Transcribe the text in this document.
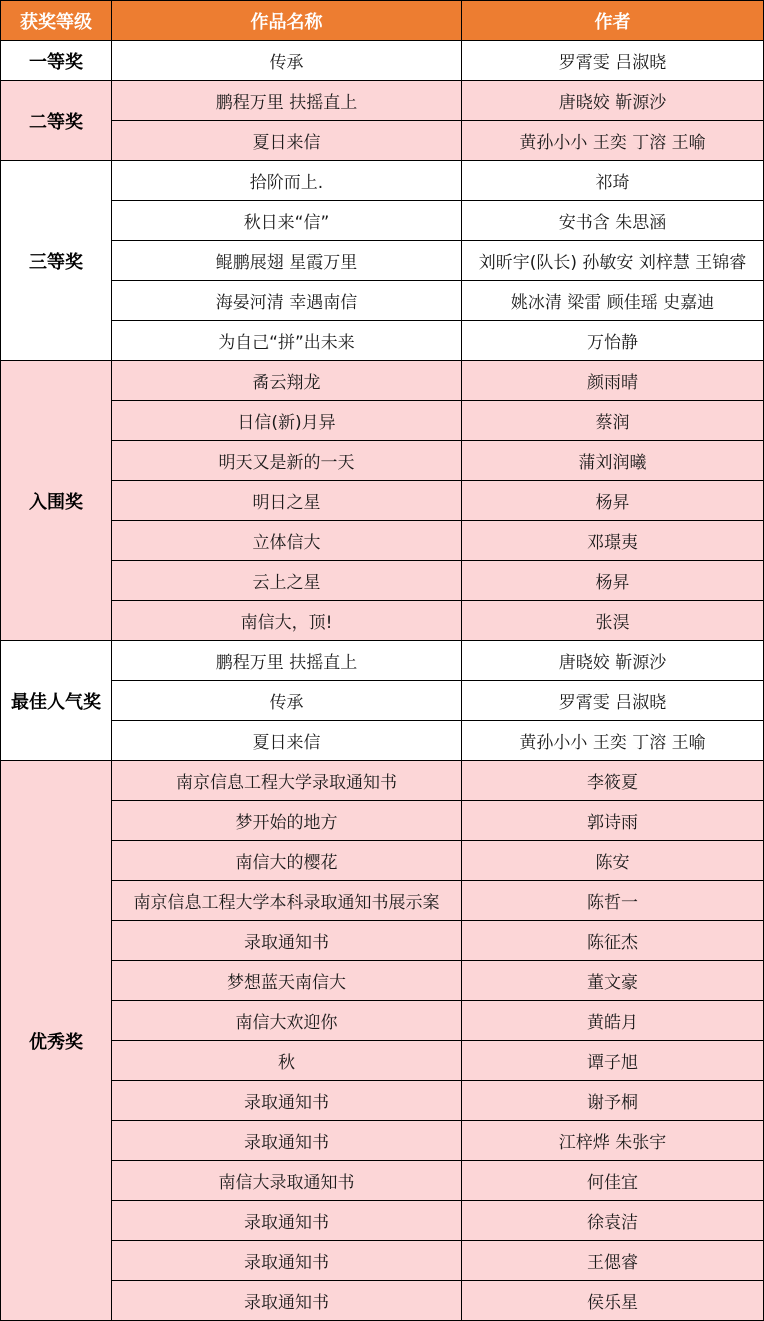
获奖等级	作品名称	作者
一等奖	传承	罗霄雯 吕淑晓
二等奖	鹏程万里 扶摇直上	唐晓姣 靳源沙
	夏日来信	黄孙小小 王奕 丁溶 王喻
三等奖	拾阶而上.	祁琦
	秋日来“信”	安书含 朱思涵
	鲲鹏展翅 星霞万里	刘昕宇(队长) 孙敏安 刘梓慧 王锦睿
	海晏河清 幸遇南信	姚冰清 梁雷 顾佳瑶 史嘉迪
	为自己“拼”出未来	万怡静
入围奖	矞云翔龙	颜雨晴
	日信(新)月异	蔡润
	明天又是新的一天	蒲刘润曦
	明日之星	杨昇
	立体信大	邓璟夷
	云上之星	杨昇
	南信大，顶!	张淏
最佳人气奖	鹏程万里 扶摇直上	唐晓姣 靳源沙
	传承	罗霄雯 吕淑晓
	夏日来信	黄孙小小 王奕 丁溶 王喻
优秀奖	南京信息工程大学录取通知书	李筱夏
	梦开始的地方	郭诗雨
	南信大的樱花	陈安
	南京信息工程大学本科录取通知书展示案	陈哲一
	录取通知书	陈征杰
	梦想蓝天南信大	董文豪
	南信大欢迎你	黄皓月
	秋	谭子旭
	录取通知书	谢予桐
	录取通知书	江梓烨 朱张宇
	南信大录取通知书	何佳宜
	录取通知书	徐袁洁
	录取通知书	王偲睿
	录取通知书	侯乐星
